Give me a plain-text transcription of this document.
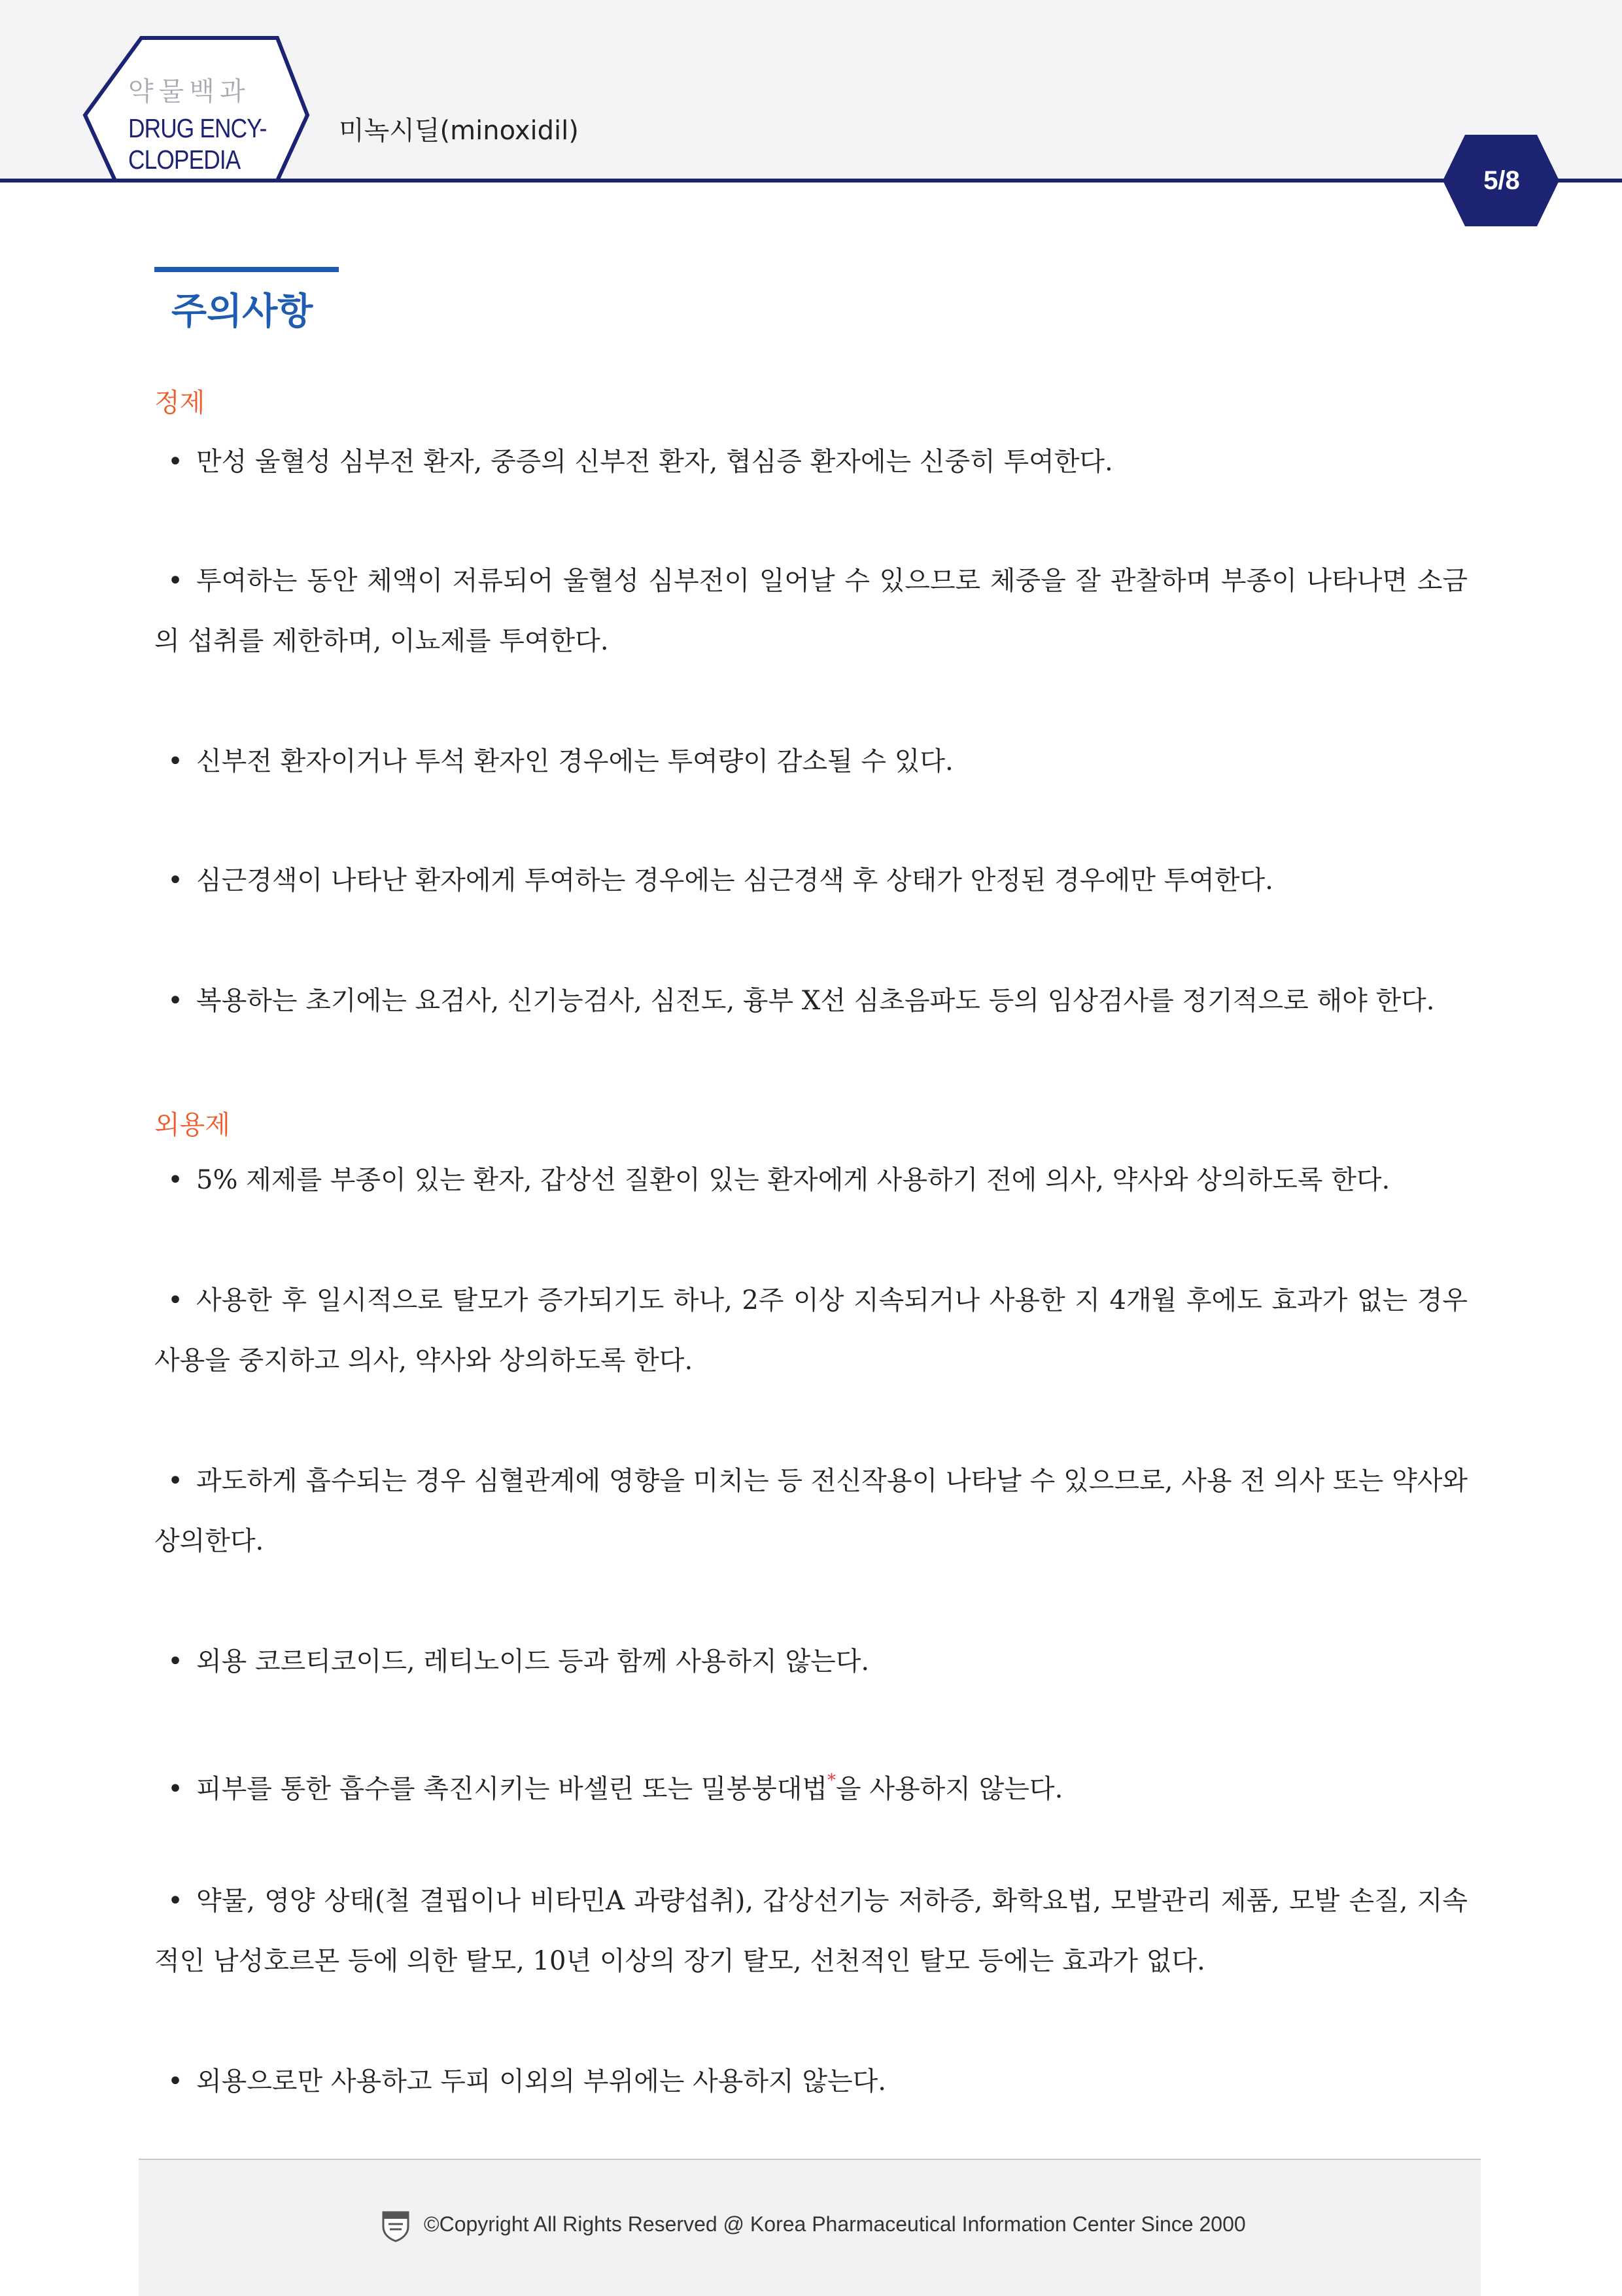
약물백과
DRUG ENCY-
CLOPEDIA
미녹시딜(minoxidil)
5/8
주의사항
정제
• 만성 울혈성 심부전 환자, 중증의 신부전 환자, 협심증 환자에는 신중히 투여한다.
• 투여하는 동안 체액이 저류되어 울혈성 심부전이 일어날 수 있으므로 체중을 잘 관찰하며 부종이 나타나면 소금의 섭취를 제한하며, 이뇨제를 투여한다.
• 신부전 환자이거나 투석 환자인 경우에는 투여량이 감소될 수 있다.
• 심근경색이 나타난 환자에게 투여하는 경우에는 심근경색 후 상태가 안정된 경우에만 투여한다.
• 복용하는 초기에는 요검사, 신기능검사, 심전도, 흉부 X선 심초음파도 등의 임상검사를 정기적으로 해야 한다.
외용제
• 5% 제제를 부종이 있는 환자, 갑상선 질환이 있는 환자에게 사용하기 전에 의사, 약사와 상의하도록 한다.
• 사용한 후 일시적으로 탈모가 증가되기도 하나, 2주 이상 지속되거나 사용한 지 4개월 후에도 효과가 없는 경우 사용을 중지하고 의사, 약사와 상의하도록 한다.
• 과도하게 흡수되는 경우 심혈관계에 영향을 미치는 등 전신작용이 나타날 수 있으므로, 사용 전 의사 또는 약사와 상의한다.
• 외용 코르티코이드, 레티노이드 등과 함께 사용하지 않는다.
• 피부를 통한 흡수를 촉진시키는 바셀린 또는 밀봉붕대법*을 사용하지 않는다.
• 약물, 영양 상태(철 결핍이나 비타민A 과량섭취), 갑상선기능 저하증, 화학요법, 모발관리 제품, 모발 손질, 지속적인 남성호르몬 등에 의한 탈모, 10년 이상의 장기 탈모, 선천적인 탈모 등에는 효과가 없다.
• 외용으로만 사용하고 두피 이외의 부위에는 사용하지 않는다.
©Copyright All Rights Reserved @ Korea Pharmaceutical Information Center Since 2000
